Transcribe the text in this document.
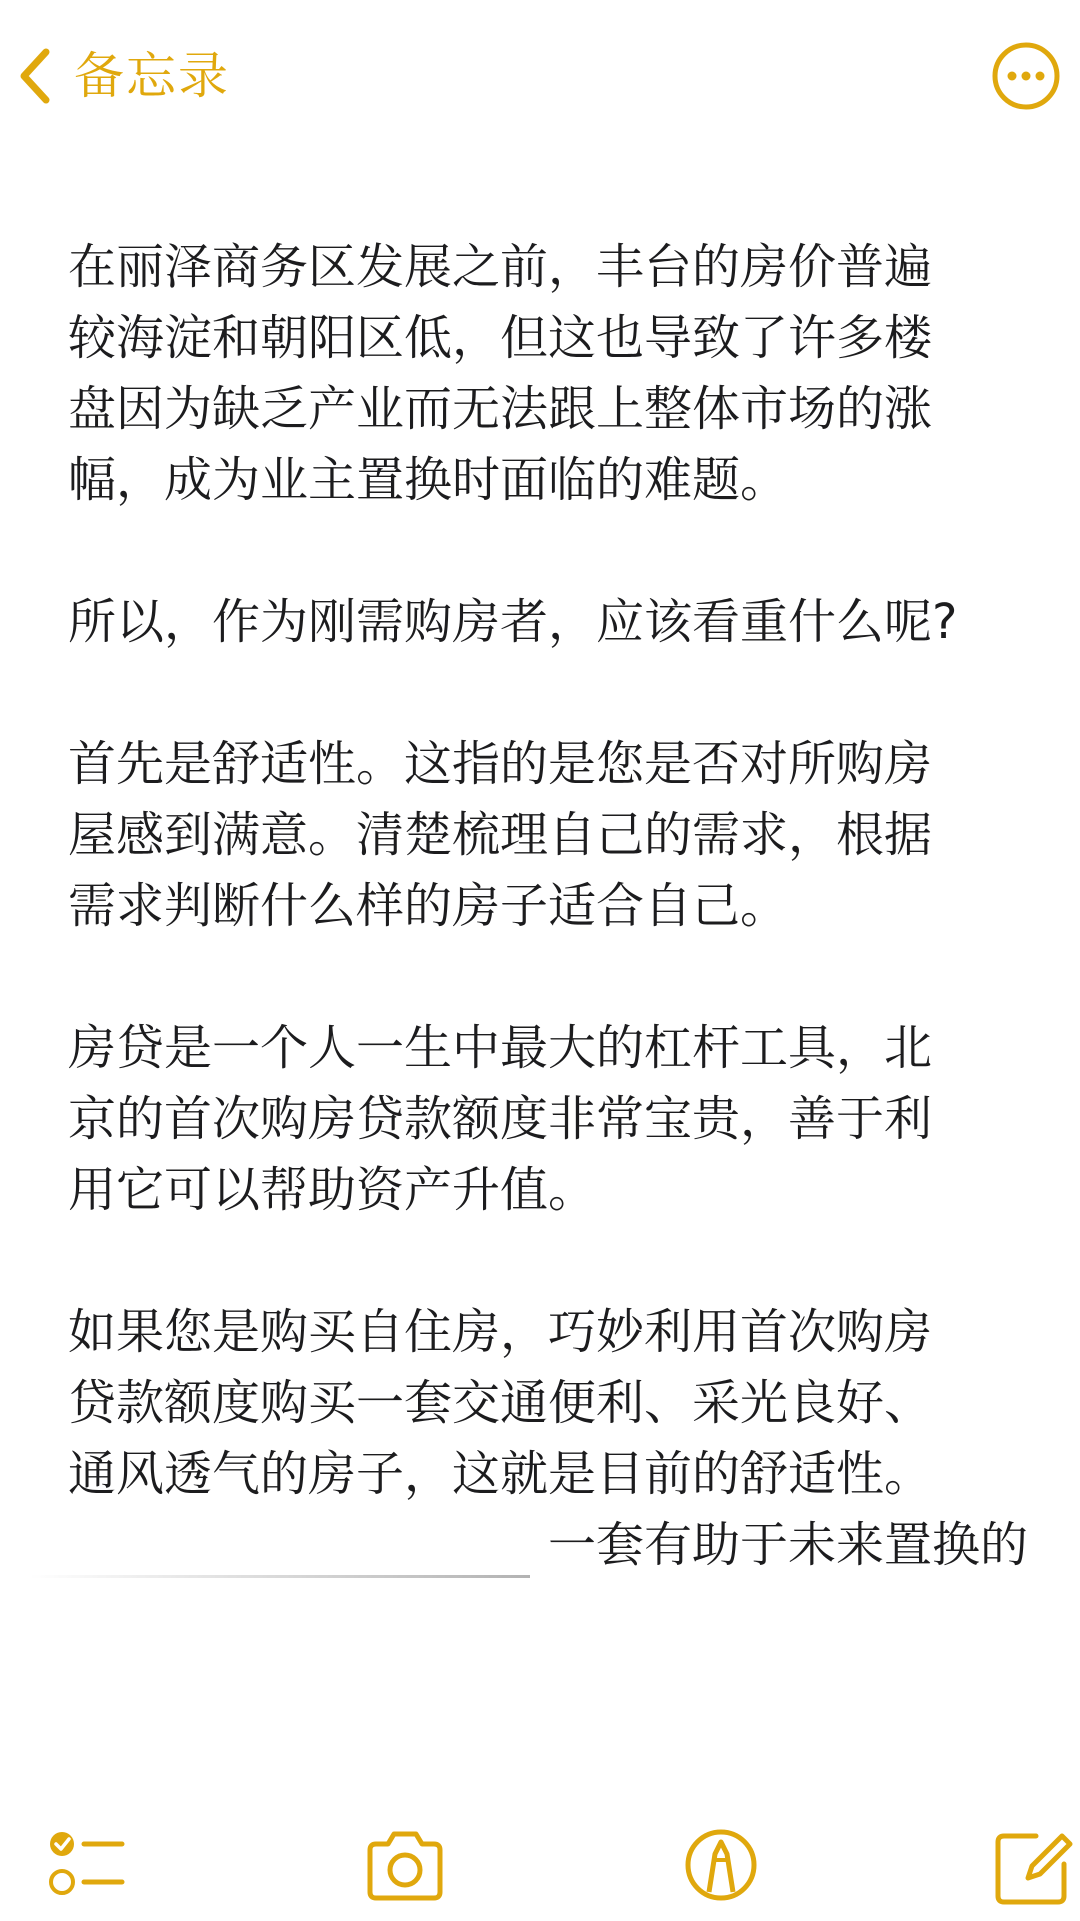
备忘录

在丽泽商务区发展之前，丰台的房价普遍
较海淀和朝阳区低，但这也导致了许多楼
盘因为缺乏产业而无法跟上整体市场的涨
幅，成为业主置换时面临的难题。

所以，作为刚需购房者，应该看重什么呢?

首先是舒适性。这指的是您是否对所购房
屋感到满意。清楚梳理自己的需求，根据
需求判断什么样的房子适合自己。

房贷是一个人一生中最大的杠杆工具，北
京的首次购房贷款额度非常宝贵，善于利
用它可以帮助资产升值。

如果您是购买自住房，巧妙利用首次购房
贷款额度购买一套交通便利、采光良好、
通风透气的房子，这就是目前的舒适性。
一套有助于未来置换的
